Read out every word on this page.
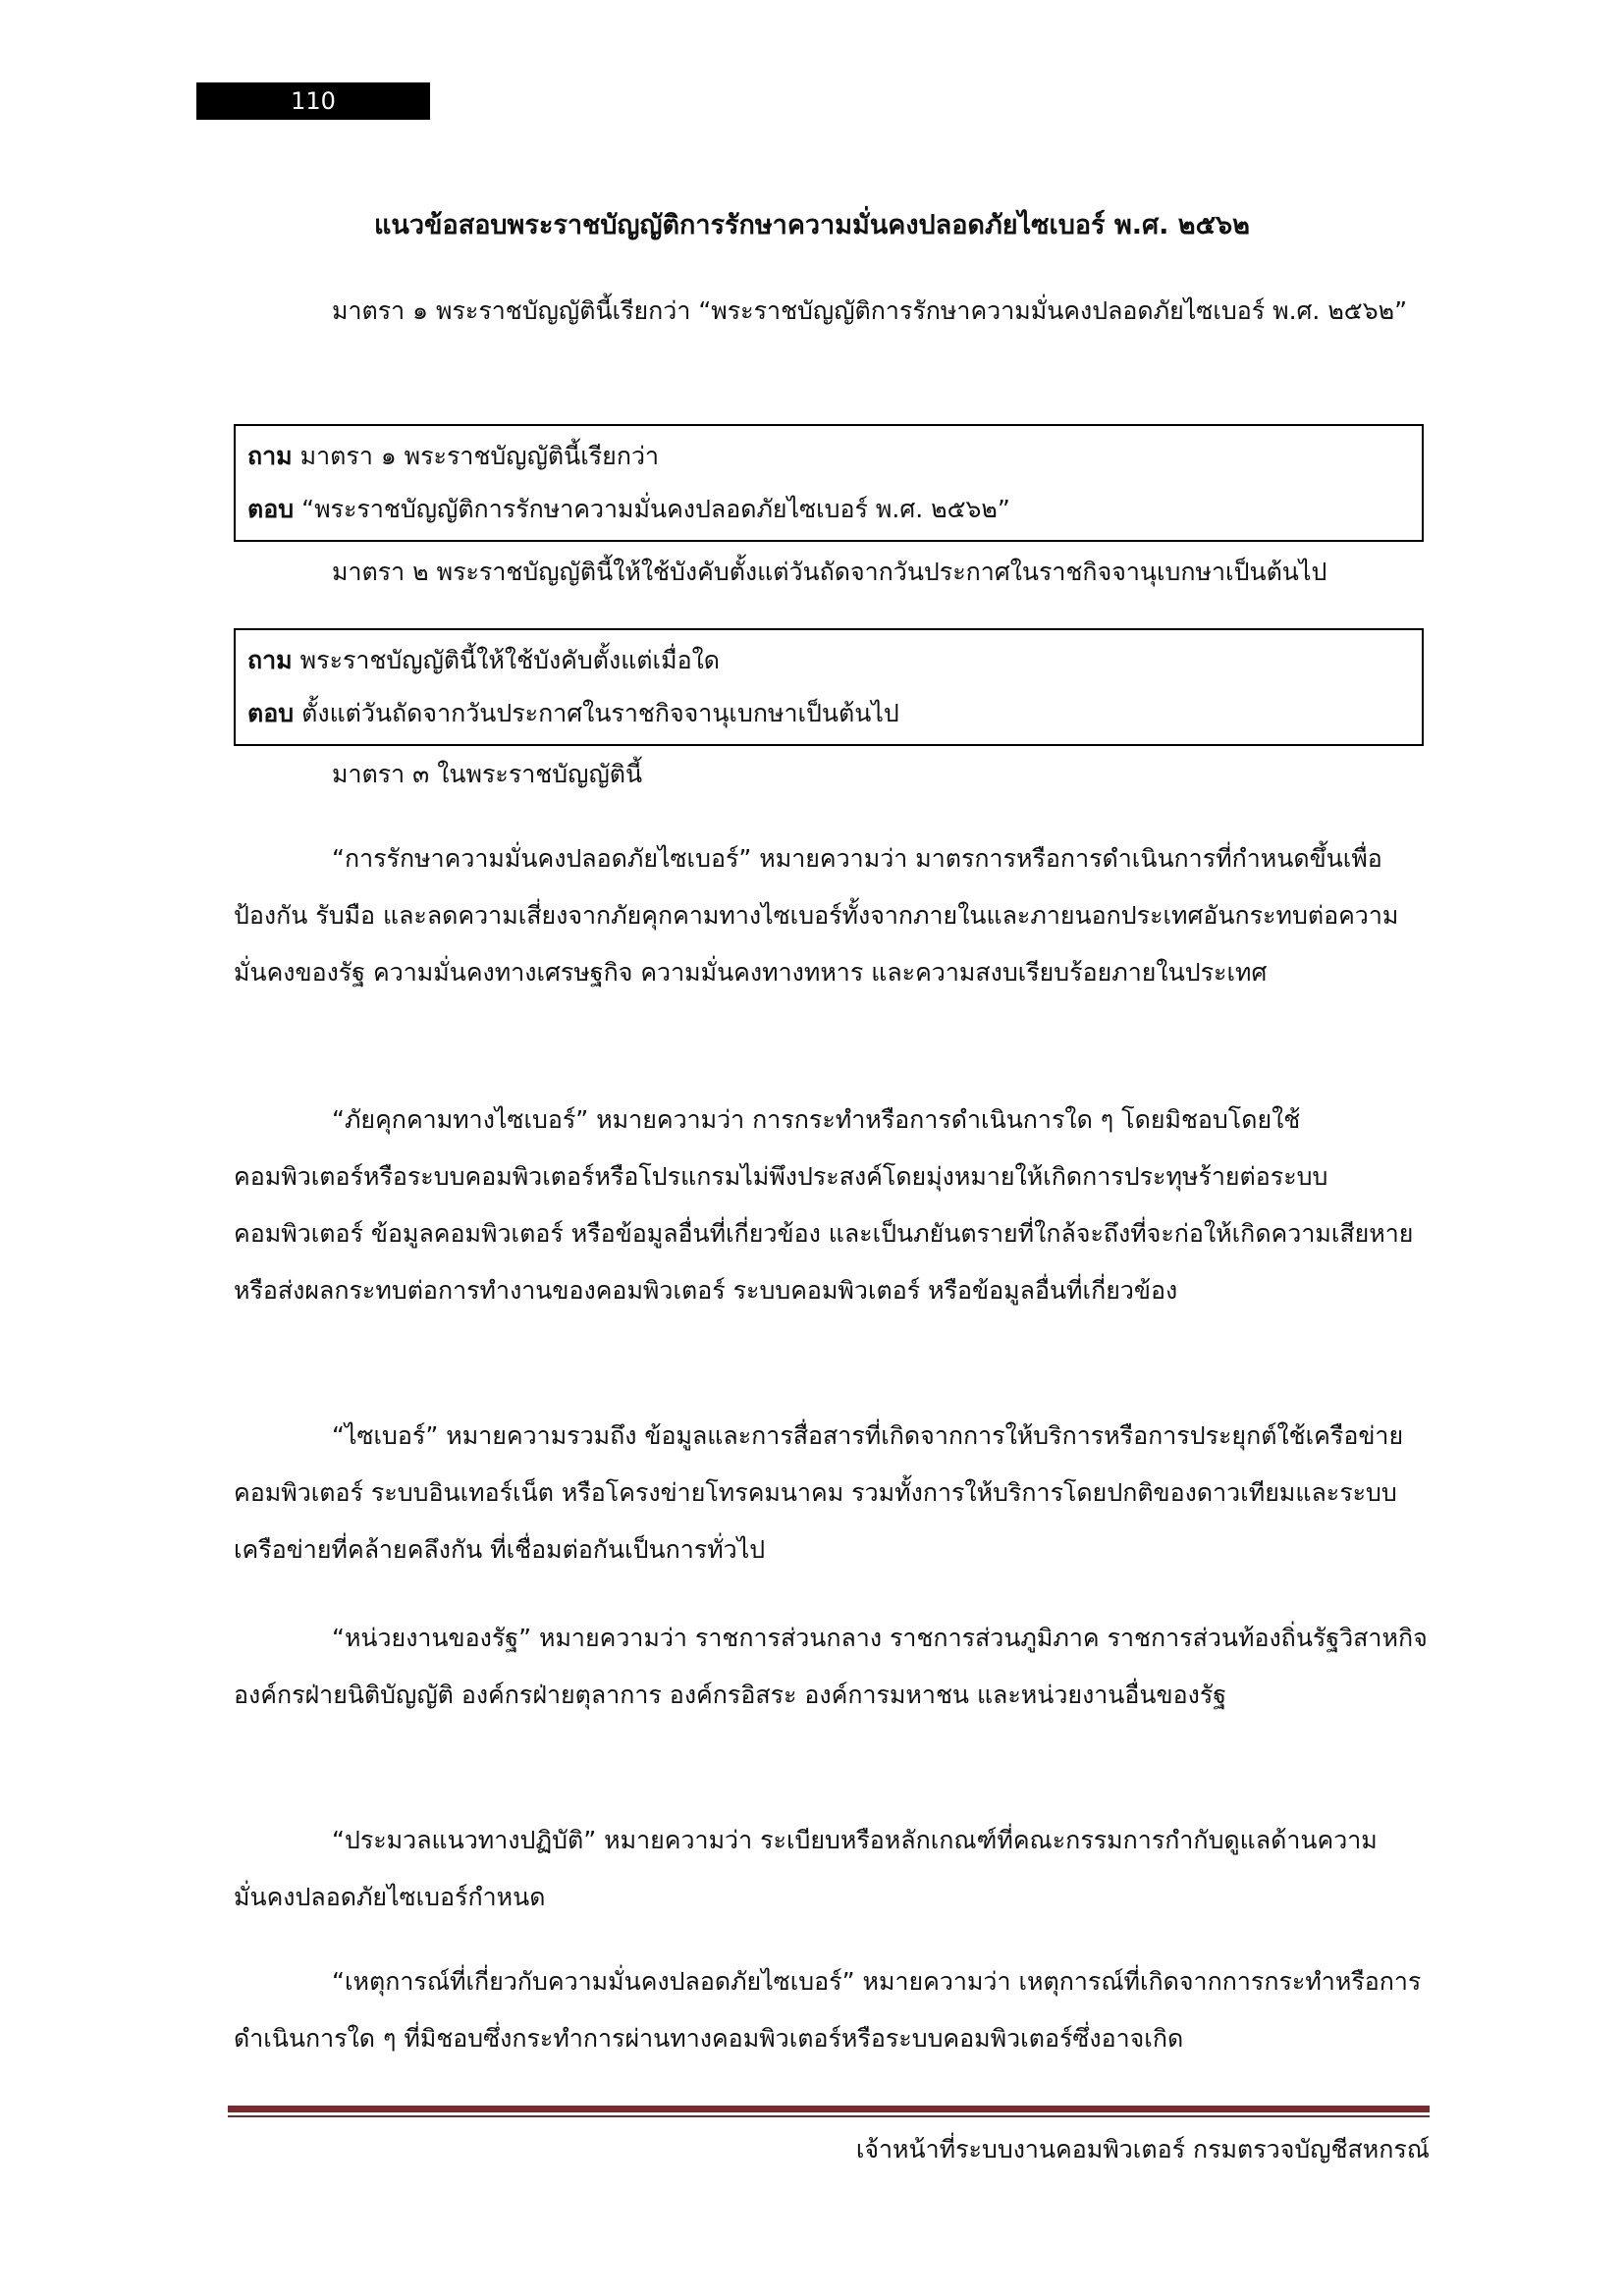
110
แนวข้อสอบพระราชบัญญัติการรักษาความมั่นคงปลอดภัยไซเบอร์ พ.ศ. ๒๕๖๒
มาตรา ๑ พระราชบัญญัตินี้เรียกว่า “พระราชบัญญัติการรักษาความมั่นคงปลอดภัยไซเบอร์ พ.ศ. ๒๕๖๒”
ถาม มาตรา ๑ พระราชบัญญัตินี้เรียกว่า
ตอบ “พระราชบัญญัติการรักษาความมั่นคงปลอดภัยไซเบอร์ พ.ศ. ๒๕๖๒”
มาตรา ๒ พระราชบัญญัตินี้ให้ใช้บังคับตั้งแต่วันถัดจากวันประกาศในราชกิจจานุเบกษาเป็นต้นไป
ถาม พระราชบัญญัตินี้ให้ใช้บังคับตั้งแต่เมื่อใด
ตอบ ตั้งแต่วันถัดจากวันประกาศในราชกิจจานุเบกษาเป็นต้นไป
มาตรา ๓ ในพระราชบัญญัตินี้
“การรักษาความมั่นคงปลอดภัยไซเบอร์” หมายความว่า มาตรการหรือการดำเนินการที่กำหนดขึ้นเพื่อป้องกัน รับมือ และลดความเสี่ยงจากภัยคุกคามทางไซเบอร์ทั้งจากภายในและภายนอกประเทศอันกระทบต่อความมั่นคงของรัฐ ความมั่นคงทางเศรษฐกิจ ความมั่นคงทางทหาร และความสงบเรียบร้อยภายในประเทศ
“ภัยคุกคามทางไซเบอร์” หมายความว่า การกระทำหรือการดำเนินการใด ๆ โดยมิชอบโดยใช้คอมพิวเตอร์หรือระบบคอมพิวเตอร์หรือโปรแกรมไม่พึงประสงค์โดยมุ่งหมายให้เกิดการประทุษร้ายต่อระบบคอมพิวเตอร์ ข้อมูลคอมพิวเตอร์ หรือข้อมูลอื่นที่เกี่ยวข้อง และเป็นภยันตรายที่ใกล้จะถึงที่จะก่อให้เกิดความเสียหายหรือส่งผลกระทบต่อการทำงานของคอมพิวเตอร์ ระบบคอมพิวเตอร์ หรือข้อมูลอื่นที่เกี่ยวข้อง
“ไซเบอร์” หมายความรวมถึง ข้อมูลและการสื่อสารที่เกิดจากการให้บริการหรือการประยุกต์ใช้เครือข่ายคอมพิวเตอร์ ระบบอินเทอร์เน็ต หรือโครงข่ายโทรคมนาคม รวมทั้งการให้บริการโดยปกติของดาวเทียมและระบบเครือข่ายที่คล้ายคลึงกัน ที่เชื่อมต่อกันเป็นการทั่วไป
“หน่วยงานของรัฐ” หมายความว่า ราชการส่วนกลาง ราชการส่วนภูมิภาค ราชการส่วนท้องถิ่นรัฐวิสาหกิจ องค์กรฝ่ายนิติบัญญัติ องค์กรฝ่ายตุลาการ องค์กรอิสระ องค์การมหาชน และหน่วยงานอื่นของรัฐ
“ประมวลแนวทางปฏิบัติ” หมายความว่า ระเบียบหรือหลักเกณฑ์ที่คณะกรรมการกำกับดูแลด้านความมั่นคงปลอดภัยไซเบอร์กำหนด
“เหตุการณ์ที่เกี่ยวกับความมั่นคงปลอดภัยไซเบอร์” หมายความว่า เหตุการณ์ที่เกิดจากการกระทำหรือการดำเนินการใด ๆ ที่มิชอบซึ่งกระทำการผ่านทางคอมพิวเตอร์หรือระบบคอมพิวเตอร์ซึ่งอาจเกิด
เจ้าหน้าที่ระบบงานคอมพิวเตอร์ กรมตรวจบัญชีสหกรณ์
